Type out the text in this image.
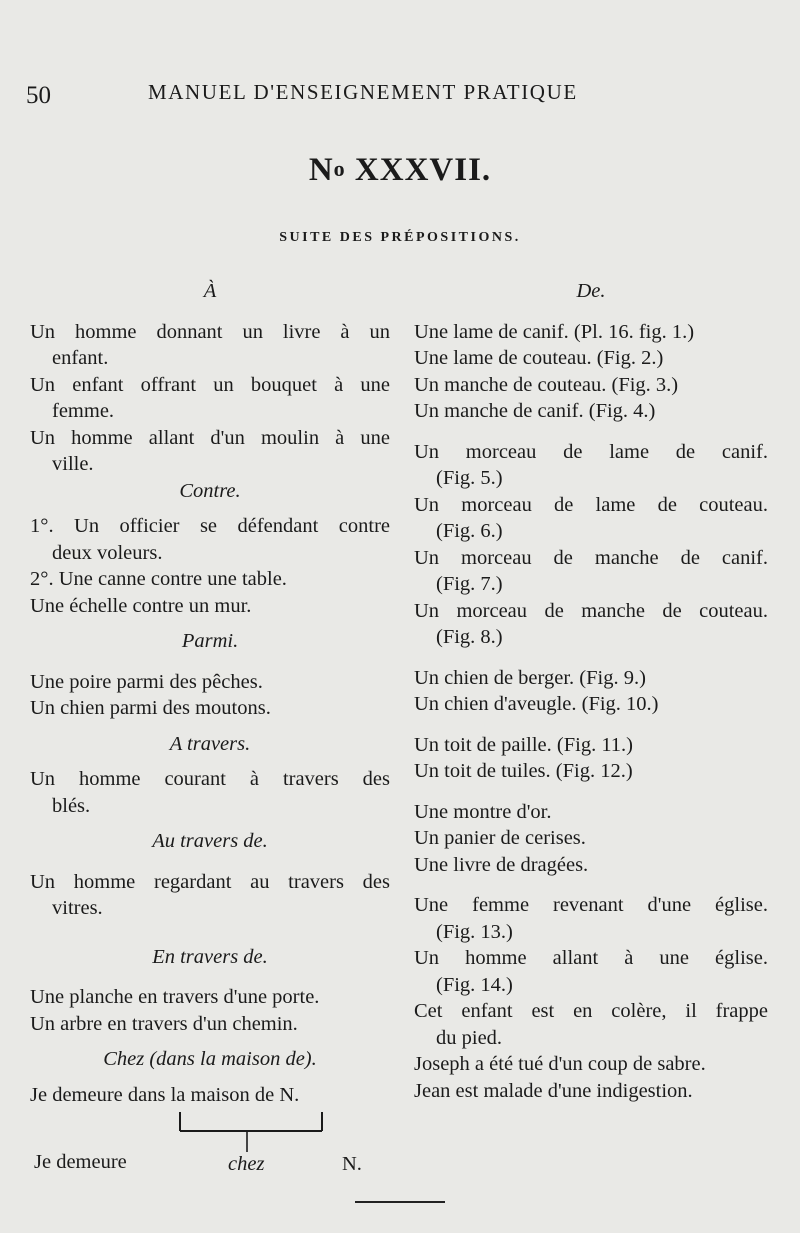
50	MANUEL D'ENSEIGNEMENT PRATIQUE
No XXXVII.
SUITE DES PRÉPOSITIONS.

À

Un homme donnant un livre à un

enfant.

Un enfant offrant un bouquet à une

femme.

Un homme allant d'un moulin à une

ville.

Contre.

1°. Un officier se défendant contre

deux voleurs.

2°. Une canne contre une table.

Une échelle contre un mur.

Parmi.

Une poire parmi des pêches.

Un chien parmi des moutons.

A travers.

Un homme courant à travers des

blés.

Au travers de.

Un homme regardant au travers des

vitres.

En travers de.

Une planche en travers d'une porte.

Un arbre en travers d'un chemin.

Chez (dans la maison de).

Je demeure dans la maison de N.

Je demeure	chez	N.

De.

Une lame de canif. (Pl. 16. fig. 1.)

Une lame de couteau. (Fig. 2.)

Un manche de couteau. (Fig. 3.)

Un manche de canif. (Fig. 4.)

Un morceau de lame de canif.

(Fig. 5.)

Un morceau de lame de couteau.

(Fig. 6.)

Un morceau de manche de canif.

(Fig. 7.)

Un morceau de manche de couteau.

(Fig. 8.)

Un chien de berger. (Fig. 9.)

Un chien d'aveugle. (Fig. 10.)

Un toit de paille. (Fig. 11.)

Un toit de tuiles. (Fig. 12.)

Une montre d'or.

Un panier de cerises.

Une livre de dragées.

Une femme revenant d'une église.

(Fig. 13.)

Un homme allant à une église.

(Fig. 14.)

Cet enfant est en colère, il frappe

du pied.

Joseph a été tué d'un coup de sabre.

Jean est malade d'une indigestion.
